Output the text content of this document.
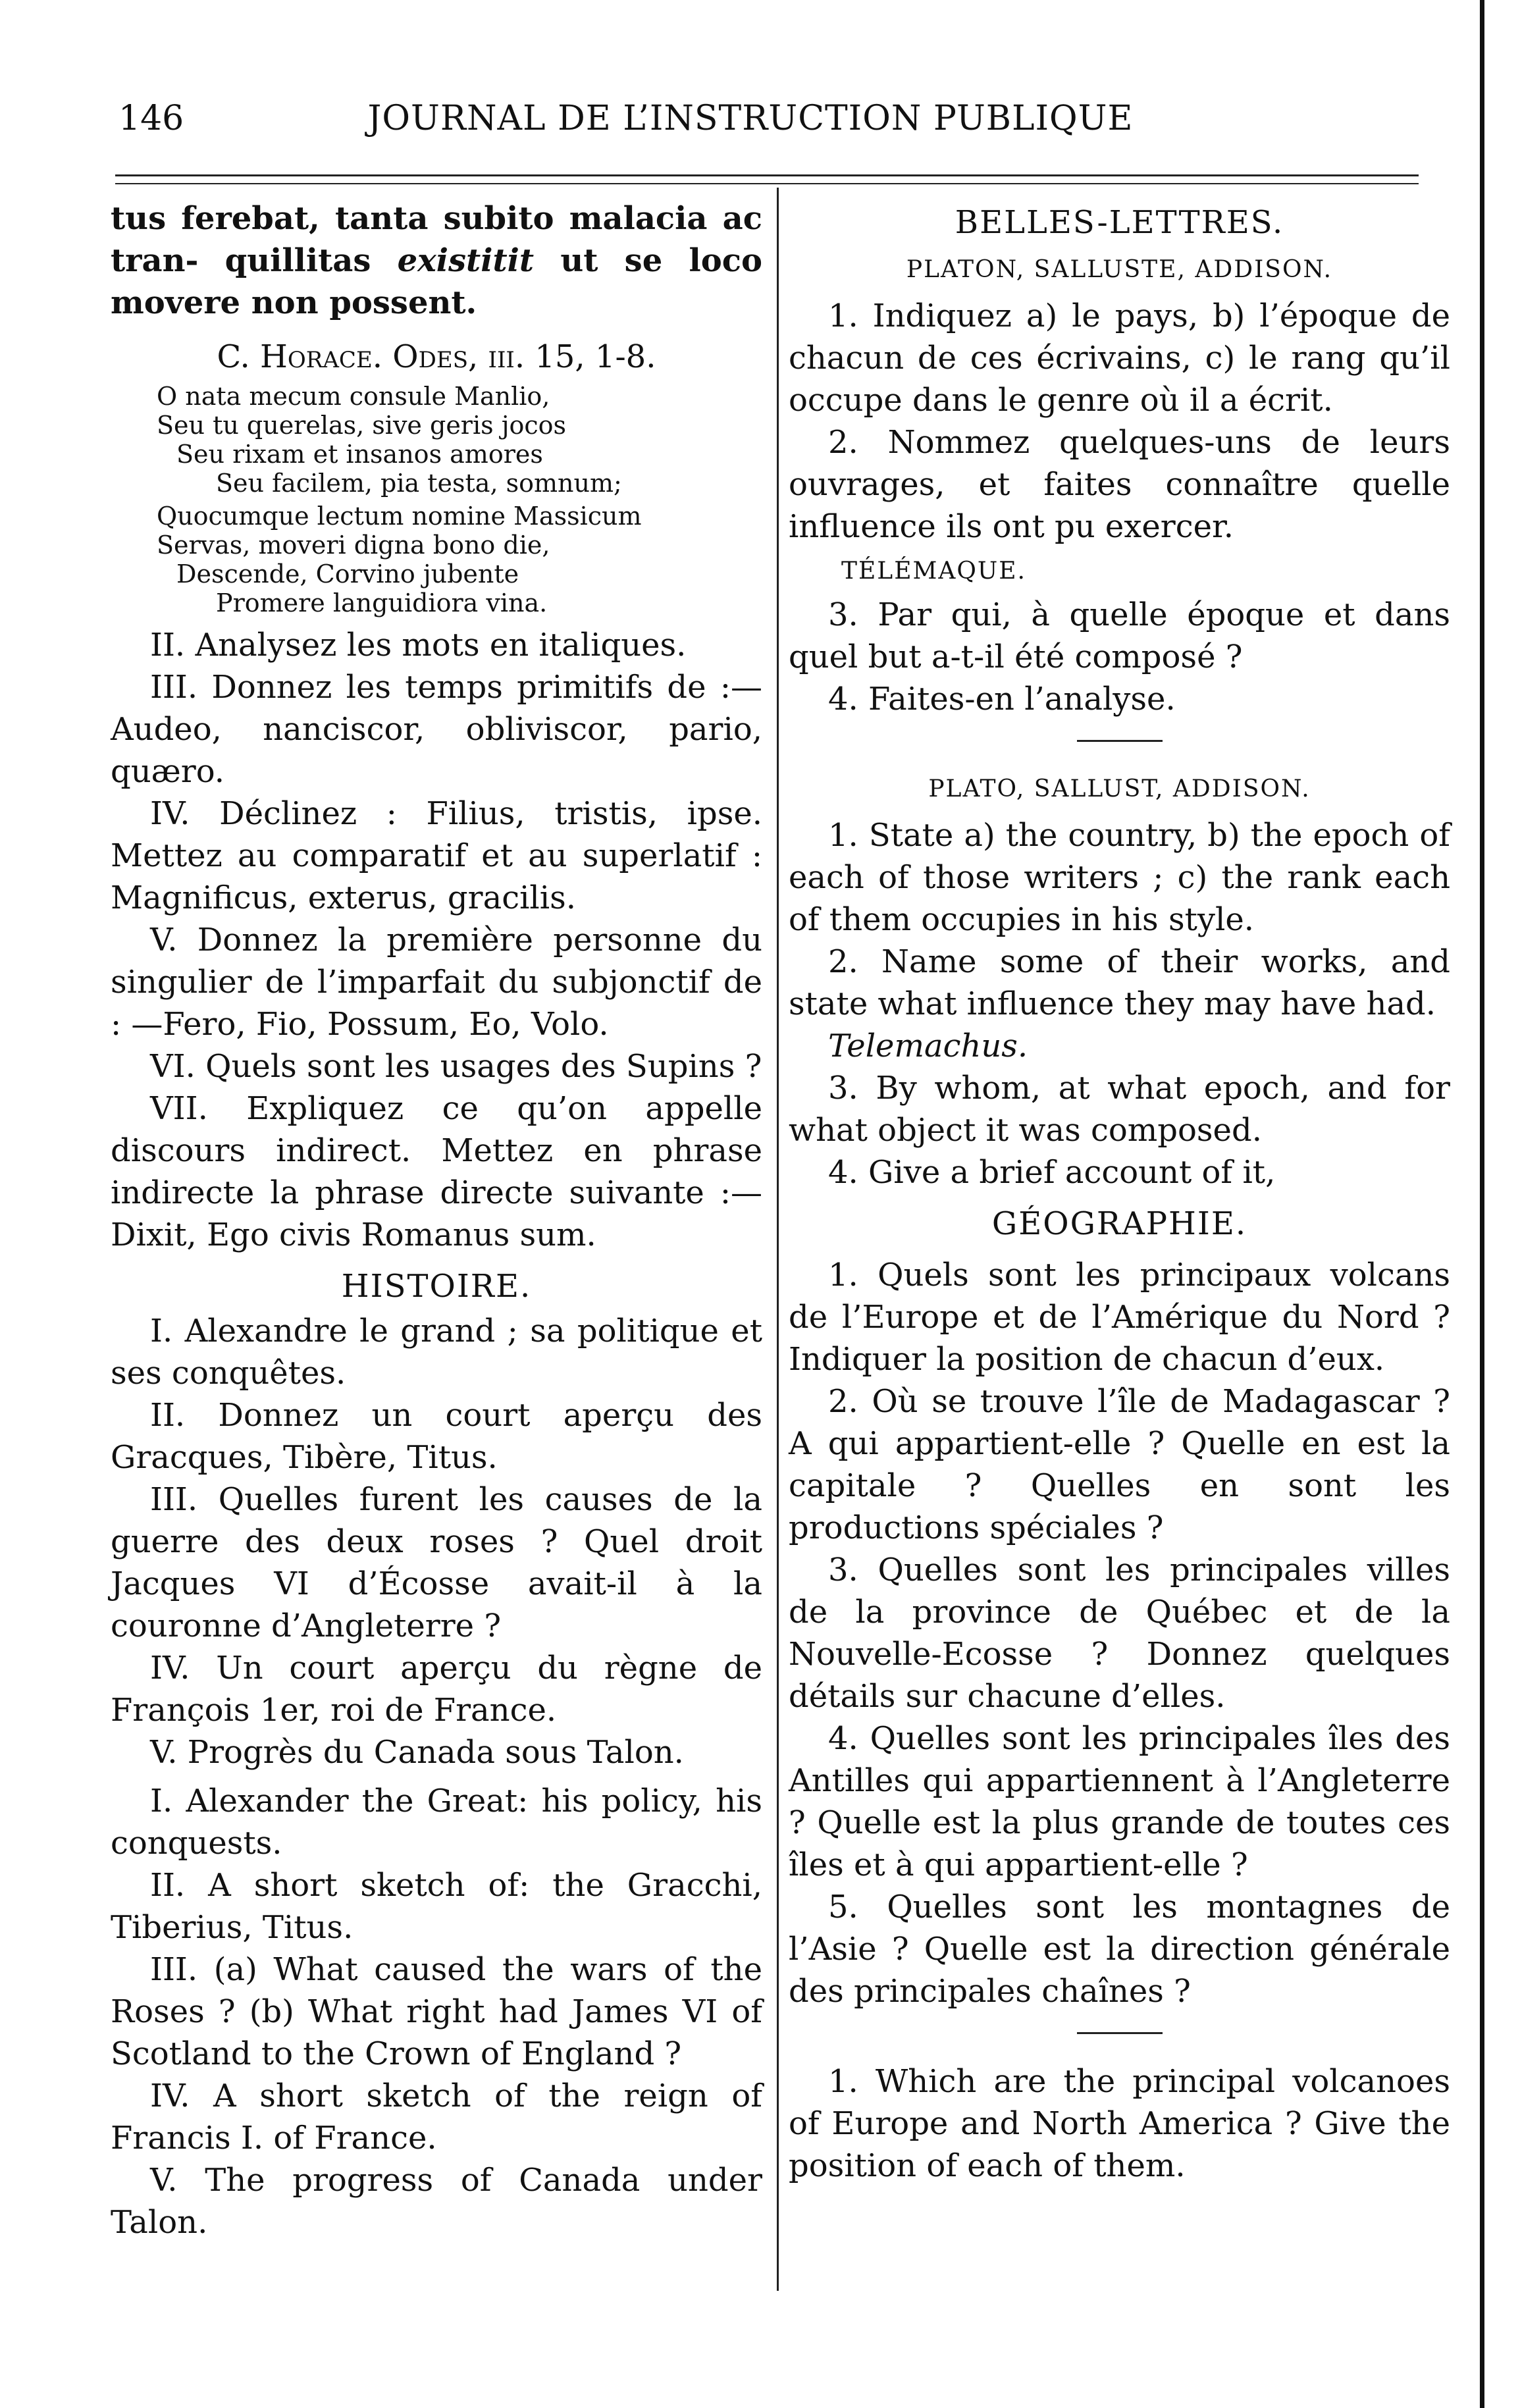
146	JOURNAL DE L’INSTRUCTION PUBLIQUE

tus ferebat, tanta subito malacia ac tran- quillitas existitit ut se loco movere non possent.

C. Horace. Odes, iii. 15, 1-8.
O nata mecum consule Manlio,
Seu tu querelas, sive geris jocos
Seu rixam et insanos amores
Seu facilem, pia testa, somnum;
Quocumque lectum nomine Massicum
Servas, moveri digna bono die,
Descende, Corvino jubente
Promere languidiora vina.

II. Analysez les mots en italiques.

III. Donnez les temps primitifs de :— Audeo, nanciscor, obliviscor, pario, quæro.

IV. Déclinez : Filius, tristis, ipse. Mettez au comparatif et au superlatif : Magnificus, exterus, gracilis.

V. Donnez la première personne du singulier de l’imparfait du subjonctif de : —Fero, Fio, Possum, Eo, Volo.

VI. Quels sont les usages des Supins ?

VII. Expliquez ce qu’on appelle discours indirect. Mettez en phrase indirecte la phrase directe suivante :—Dixit, Ego civis Romanus sum.

HISTOIRE.

I. Alexandre le grand ; sa politique et ses conquêtes.

II. Donnez un court aperçu des Gracques, Tibère, Titus.

III. Quelles furent les causes de la guerre des deux roses ? Quel droit Jacques VI d’Écosse avait-il à la couronne d’Angleterre ?

IV. Un court aperçu du règne de François 1er, roi de France.

V. Progrès du Canada sous Talon.

I. Alexander the Great: his policy, his conquests.

II. A short sketch of: the Gracchi, Tiberius, Titus.

III. (a) What caused the wars of the Roses ? (b) What right had James VI of Scotland to the Crown of England ?

IV. A short sketch of the reign of Francis I. of France.

V. The progress of Canada under Talon.

BELLES-LETTRES.
PLATON, SALLUSTE, ADDISON.

1. Indiquez a) le pays, b) l’époque de chacun de ces écrivains, c) le rang qu’il occupe dans le genre où il a écrit.

2. Nommez quelques-uns de leurs ouvrages, et faites connaître quelle influence ils ont pu exercer.

TÉLÉMAQUE.

3. Par qui, à quelle époque et dans quel but a-t-il été composé ?

4. Faites-en l’analyse.

PLATO, SALLUST, ADDISON.

1. State a) the country, b) the epoch of each of those writers ; c) the rank each of them occupies in his style.

2. Name some of their works, and state what influence they may have had.

Telemachus.

3. By whom, at what epoch, and for what object it was composed.

4. Give a brief account of it,

GÉOGRAPHIE.

1. Quels sont les principaux volcans de l’Europe et de l’Amérique du Nord ? Indiquer la position de chacun d’eux.

2. Où se trouve l’île de Madagascar ? A qui appartient-elle ? Quelle en est la capitale ? Quelles en sont les productions spéciales ?

3. Quelles sont les principales villes de la province de Québec et de la Nouvelle-Ecosse ? Donnez quelques détails sur chacune d’elles.

4. Quelles sont les principales îles des Antilles qui appartiennent à l’Angleterre ? Quelle est la plus grande de toutes ces îles et à qui appartient-elle ?

5. Quelles sont les montagnes de l’Asie ? Quelle est la direction générale des principales chaînes ?

1. Which are the principal volcanoes of Europe and North America ? Give the position of each of them.
